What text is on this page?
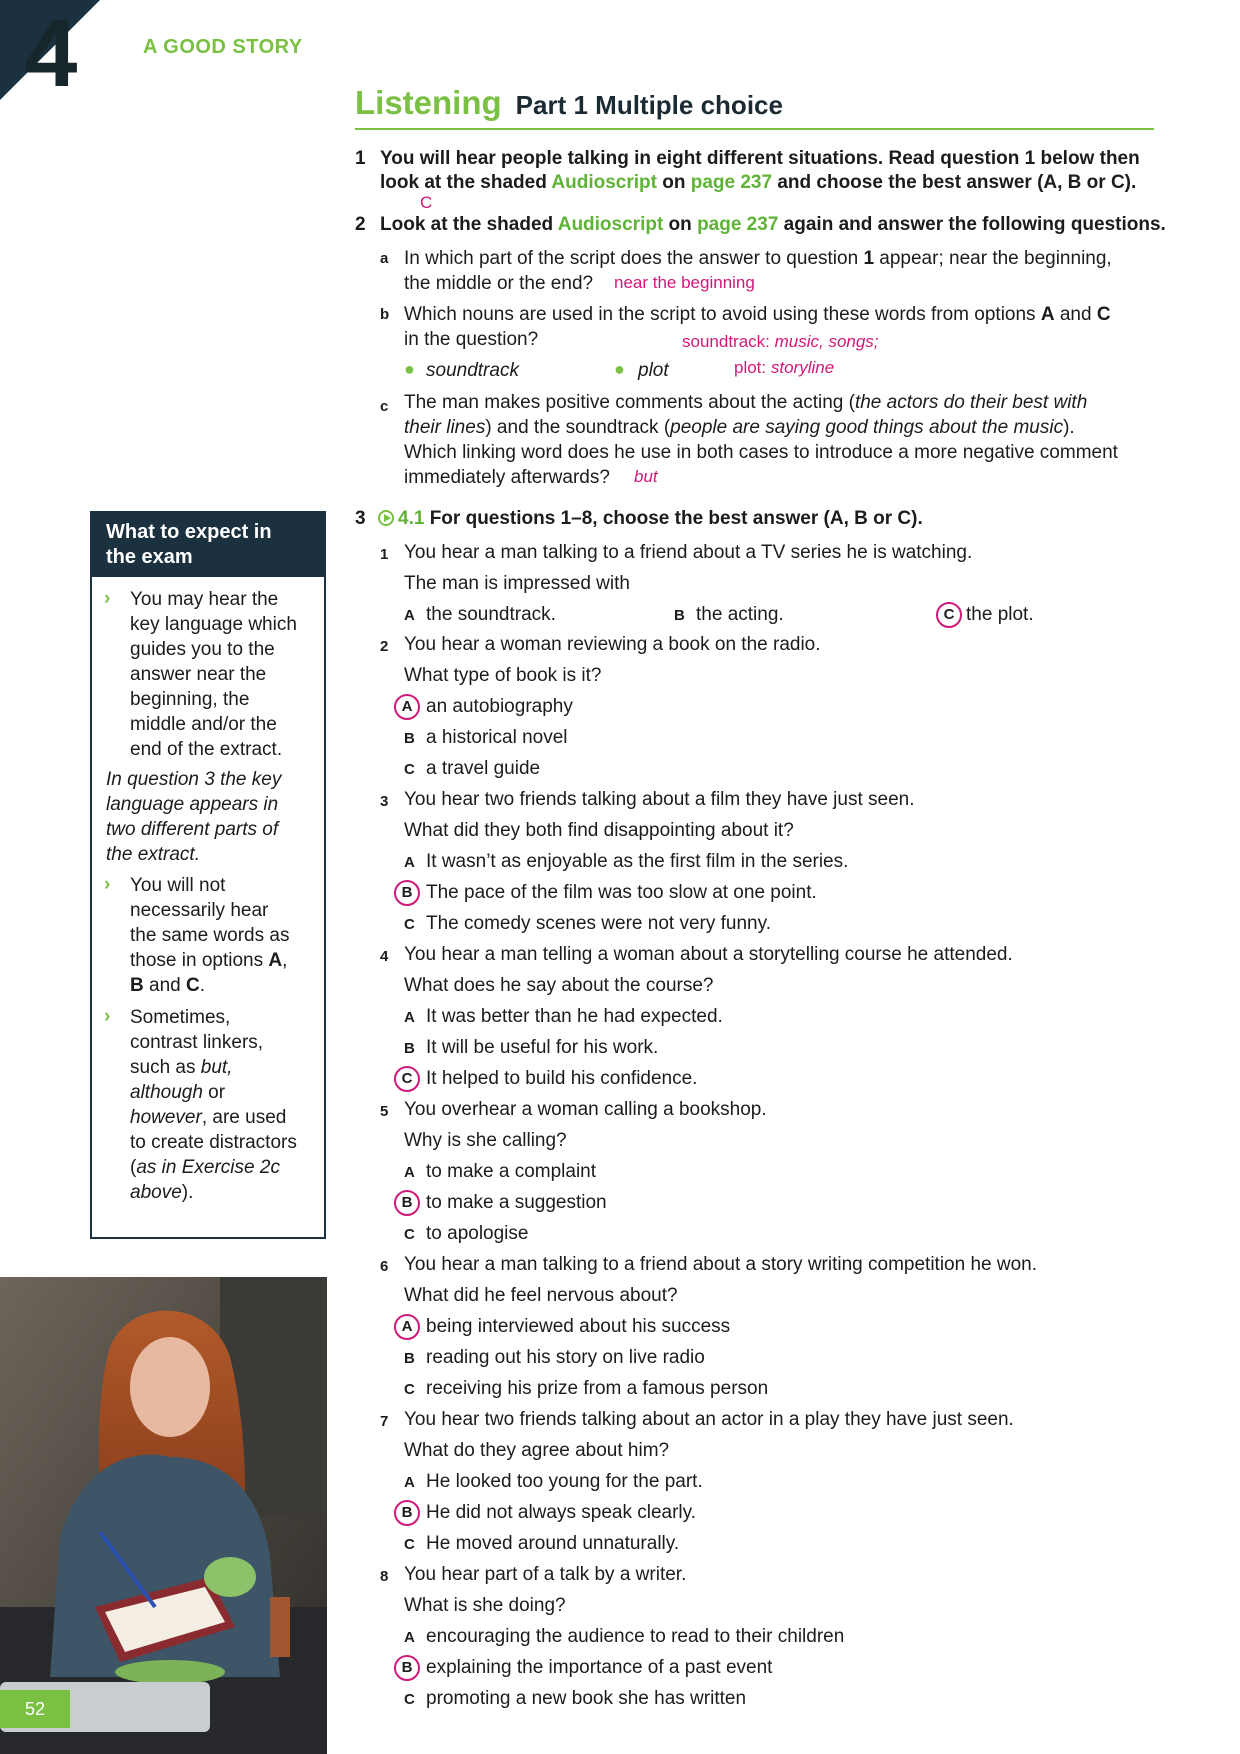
4	A GOOD STORY
Listening Part 1 Multiple choice
1 You will hear people talking in eight different situations. Read question 1 below then
look at the shaded Audioscript on page 237 and choose the best answer (A, B or C).
C
2 Look at the shaded Audioscript on page 237 again and answer the following questions.
a In which part of the script does the answer to question 1 appear; near the beginning,
the middle or the end? near the beginning
b Which nouns are used in the script to avoid using these words from options A and C
in the question?	soundtrack: music, songs;
● soundtrack	● plot	plot: storyline
c The man makes positive comments about the acting (the actors do their best with
their lines) and the soundtrack (people are saying good things about the music).
Which linking word does he use in both cases to introduce a more negative comment
immediately afterwards? but
3	4.1 For questions 1–8, choose the best answer (A, B or C).
1 You hear a man talking to a friend about a TV series he is watching.
The man is impressed with
A the soundtrack.	B the acting.	C the plot.
2 You hear a woman reviewing a book on the radio.
What type of book is it?
A an autobiography
B a historical novel
C a travel guide
3 You hear two friends talking about a film they have just seen.
What did they both find disappointing about it?
A It wasn’t as enjoyable as the first film in the series.
B The pace of the film was too slow at one point.
C The comedy scenes were not very funny.
4 You hear a man telling a woman about a storytelling course he attended.
What does he say about the course?
A It was better than he had expected.
B It will be useful for his work.
C It helped to build his confidence.
5 You overhear a woman calling a bookshop.
Why is she calling?
A to make a complaint
B to make a suggestion
C to apologise
6 You hear a man talking to a friend about a story writing competition he won.
What did he feel nervous about?
A being interviewed about his success
B reading out his story on live radio
C receiving his prize from a famous person
7 You hear two friends talking about an actor in a play they have just seen.
What do they agree about him?
A He looked too young for the part.
B He did not always speak clearly.
C He moved around unnaturally.
8 You hear part of a talk by a writer.
What is she doing?
A encouraging the audience to read to their children
B explaining the importance of a past event
C promoting a new book she has written
What to expect in
the exam
› You may hear the
key language which
guides you to the
answer near the
beginning, the
middle and/or the
end of the extract.
In question 3 the key
language appears in
two different parts of
the extract.
› You will not
necessarily hear
the same words as
those in options A,
B and C.
› Sometimes,
contrast linkers,
such as but,
although or
however, are used
to create distractors
(as in Exercise 2c
above).
52
